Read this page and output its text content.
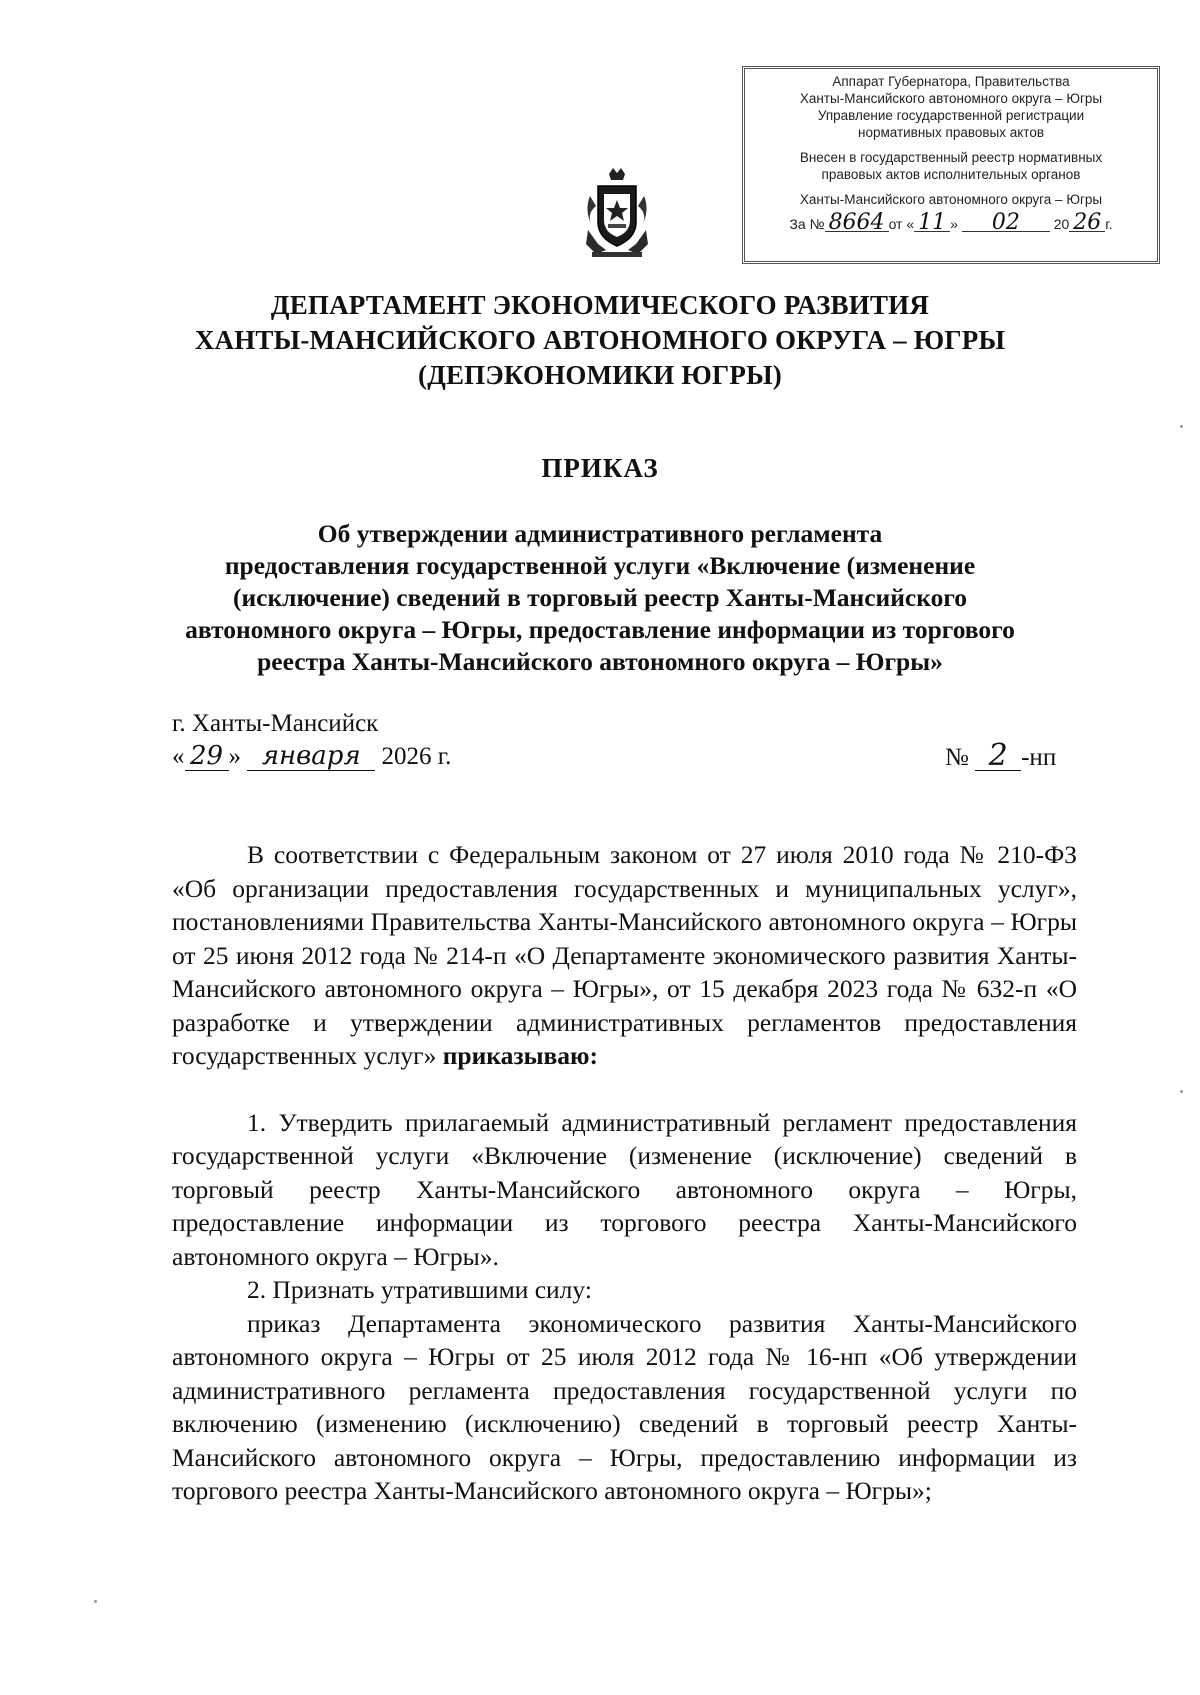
Аппарат Губернатора, Правительства
Ханты-Мансийского автономного округа – Югры
Управление государственной регистрации
нормативных правовых актов
Внесен в государственный реестр нормативных
правовых актов исполнительных органов
Ханты-Мансийского автономного округа – Югры
За № 8664 от « 11 » 02 20 26 г.
ДЕПАРТАМЕНТ ЭКОНОМИЧЕСКОГО РАЗВИТИЯ
ХАНТЫ-МАНСИЙСКОГО АВТОНОМНОГО ОКРУГА – ЮГРЫ
(ДЕПЭКОНОМИКИ ЮГРЫ)
ПРИКАЗ
Об утверждении административного регламента
предоставления государственной услуги «Включение (изменение
(исключение) сведений в торговый реестр Ханты-Мансийского
автономного округа – Югры, предоставление информации из торгового
реестра Ханты-Мансийского автономного округа – Югры»
г. Ханты-Мансийск
« 29 » января 2026 г.	№ 2 -нп

В соответствии с Федеральным законом от 27 июля 2010 года № 210-ФЗ «Об организации предоставления государственных и муниципальных услуг», постановлениями Правительства Ханты-Мансийского автономного округа – Югры от 25 июня 2012 года № 214-п «О Департаменте экономического развития Ханты-Мансийского автономного округа – Югры», от 15 декабря 2023 года № 632-п «О разработке и утверждении административных регламентов предоставления государственных услуг» приказываю:

1. Утвердить прилагаемый административный регламент предоставления государственной услуги «Включение (изменение (исключение) сведений в торговый реестр Ханты-Мансийского автономного округа – Югры, предоставление информации из торгового реестра Ханты-Мансийского автономного округа – Югры».

2. Признать утратившими силу:

приказ Департамента экономического развития Ханты-Мансийского автономного округа – Югры от 25 июля 2012 года № 16-нп «Об утверждении административного регламента предоставления государственной услуги по включению (изменению (исключению) сведений в торговый реестр Ханты-Мансийского автономного округа – Югры, предоставлению информации из торгового реестра Ханты-Мансийского автономного округа – Югры»;
